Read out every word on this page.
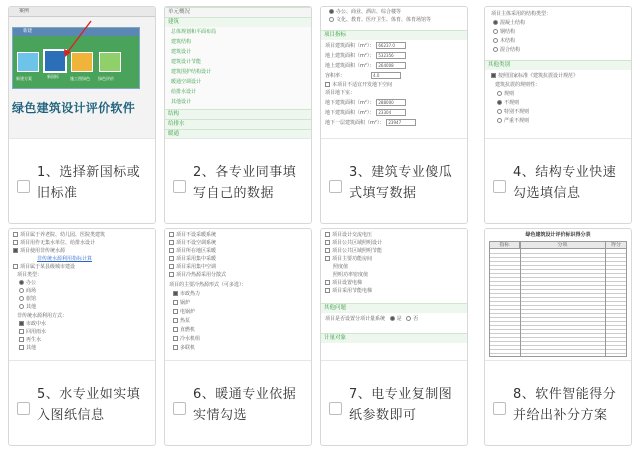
案例
新建
新建方案	新国标	施工图绿色 绿色评价
绿色建筑设计评价软件
1、选择新国标或旧标准
单元概况
建筑
总体规划和平面布局
建筑结构
建筑设计
建筑设计节能
建筑围护结构设计
暖通空调设计
给排水设计
其他设计
结构
给排水
暖通
2、各专业同事填写自己的数据
办公、商业、酒店、综合楼等
文化、教育、医疗卫生、体育、体育场馆等
项目指标
项目建筑面积（m²）： 66237.0
地上建筑面积（m²）： 532356
地上建筑面积（m²）： 264008
容积率：	4.0
本项目不适宜开发地下空间
项目地下室：
地下建筑面积（m²）： 288000
地下建筑面积（m²）： 23304
地下一层建筑面积（m²）： 23947
3、建筑专业傻瓜式填写数据
项目主体采用的结构类型：
混凝土结构
钢结构
木结构
混合结构
其他类别
按照国家标准《建筑抗震设计规范》
建筑抗震的规则性：
规则
不规则
特别不规则
严重不规则
4、结构专业快速勾选填信息
项目属于养老院、幼儿园、医院类建筑
项目用作无集水单位、给排水设计
项目使用非传统水源
非传统水源利用指标计算
项目属于某县级城市建设
项目类型：
办公
商场
旅馆
其他
非传统水源利用方式：
市政中水
回用雨水
再生水
其他
5、水专业如实填入图纸信息
项目不设采暖系统
项目不设空调系统
项目所在地区采暖
项目采用集中采暖
项目采用集中空调
项目冷热源采用分散式
项目的主要冷热源形式（可多选）：
市政热力
锅炉
电锅炉
热泵
直燃机
冷水机组
多联机
6、暖通专业依据实情勾选
项目设计交流电压
项目公共区域照明设计
项目公共区域照明节能
项目主要功能房间
照度值
照明功率密度值
项目设置电梯
项目采用节能电梯
其他问题
项目是否设置分项计量系统 是 否
计量对象
7、电专业复制图纸参数即可
绿色建筑设计评价标识得分表
指标	分项	得分
8、软件智能得分并给出补分方案
